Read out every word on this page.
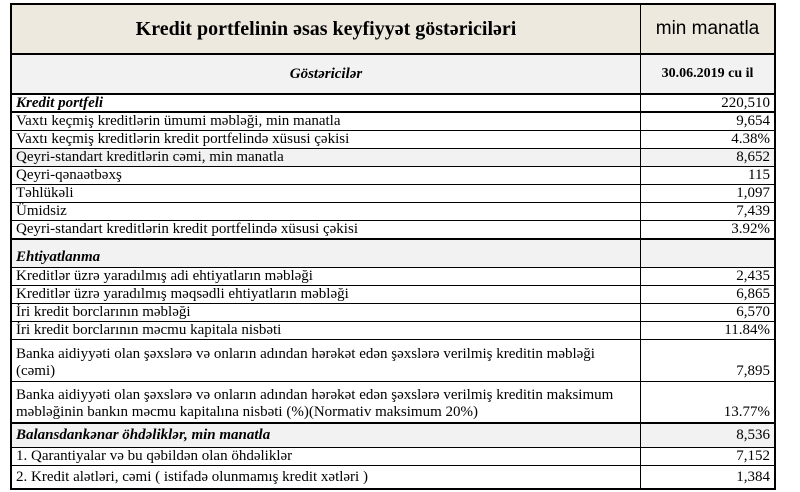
Kredit portfelinin əsas keyfiyyət göstəriciləri	min manatla
Göstəricilər	30.06.2019 cu il
Kredit portfeli	220,510
Vaxtı keçmiş kreditlərin ümumi məbləği, min manatla	9,654
Vaxtı keçmiş kreditlərin kredit portfelində xüsusi çəkisi	4.38%
Qeyri-standart kreditlərin cəmi, min manatla	8,652
Qeyri-qənaətbəxş	115
Təhlükəli	1,097
Ümidsiz	7,439
Qeyri-standart kreditlərin kredit portfelində xüsusi çəkisi	3.92%
Ehtiyatlanma
Kreditlər üzrə yaradılmış adi ehtiyatların məbləği	2,435
Kreditlər üzrə yaradılmış məqsədli ehtiyatların məbləği	6,865
İri kredit borclarının məbləği	6,570
İri kredit borclarının məcmu kapitala nisbəti	11.84%
Banka aidiyyəti olan şəxslərə və onların adından hərəkət edən şəxslərə verilmiş kreditin məbləği (cəmi)	7,895
Banka aidiyyəti olan şəxslərə və onların adından hərəkət edən şəxslərə verilmiş kreditin maksimum məbləğinin bankın məcmu kapitalına nisbəti (%)(Normativ maksimum 20%)	13.77%
Balansdankənar öhdəliklər, min manatla	8,536
1. Qarantiyalar və bu qəbildən olan öhdəliklər	7,152
2. Kredit alətləri, cəmi ( istifadə olunmamış kredit xətləri )	1,384
